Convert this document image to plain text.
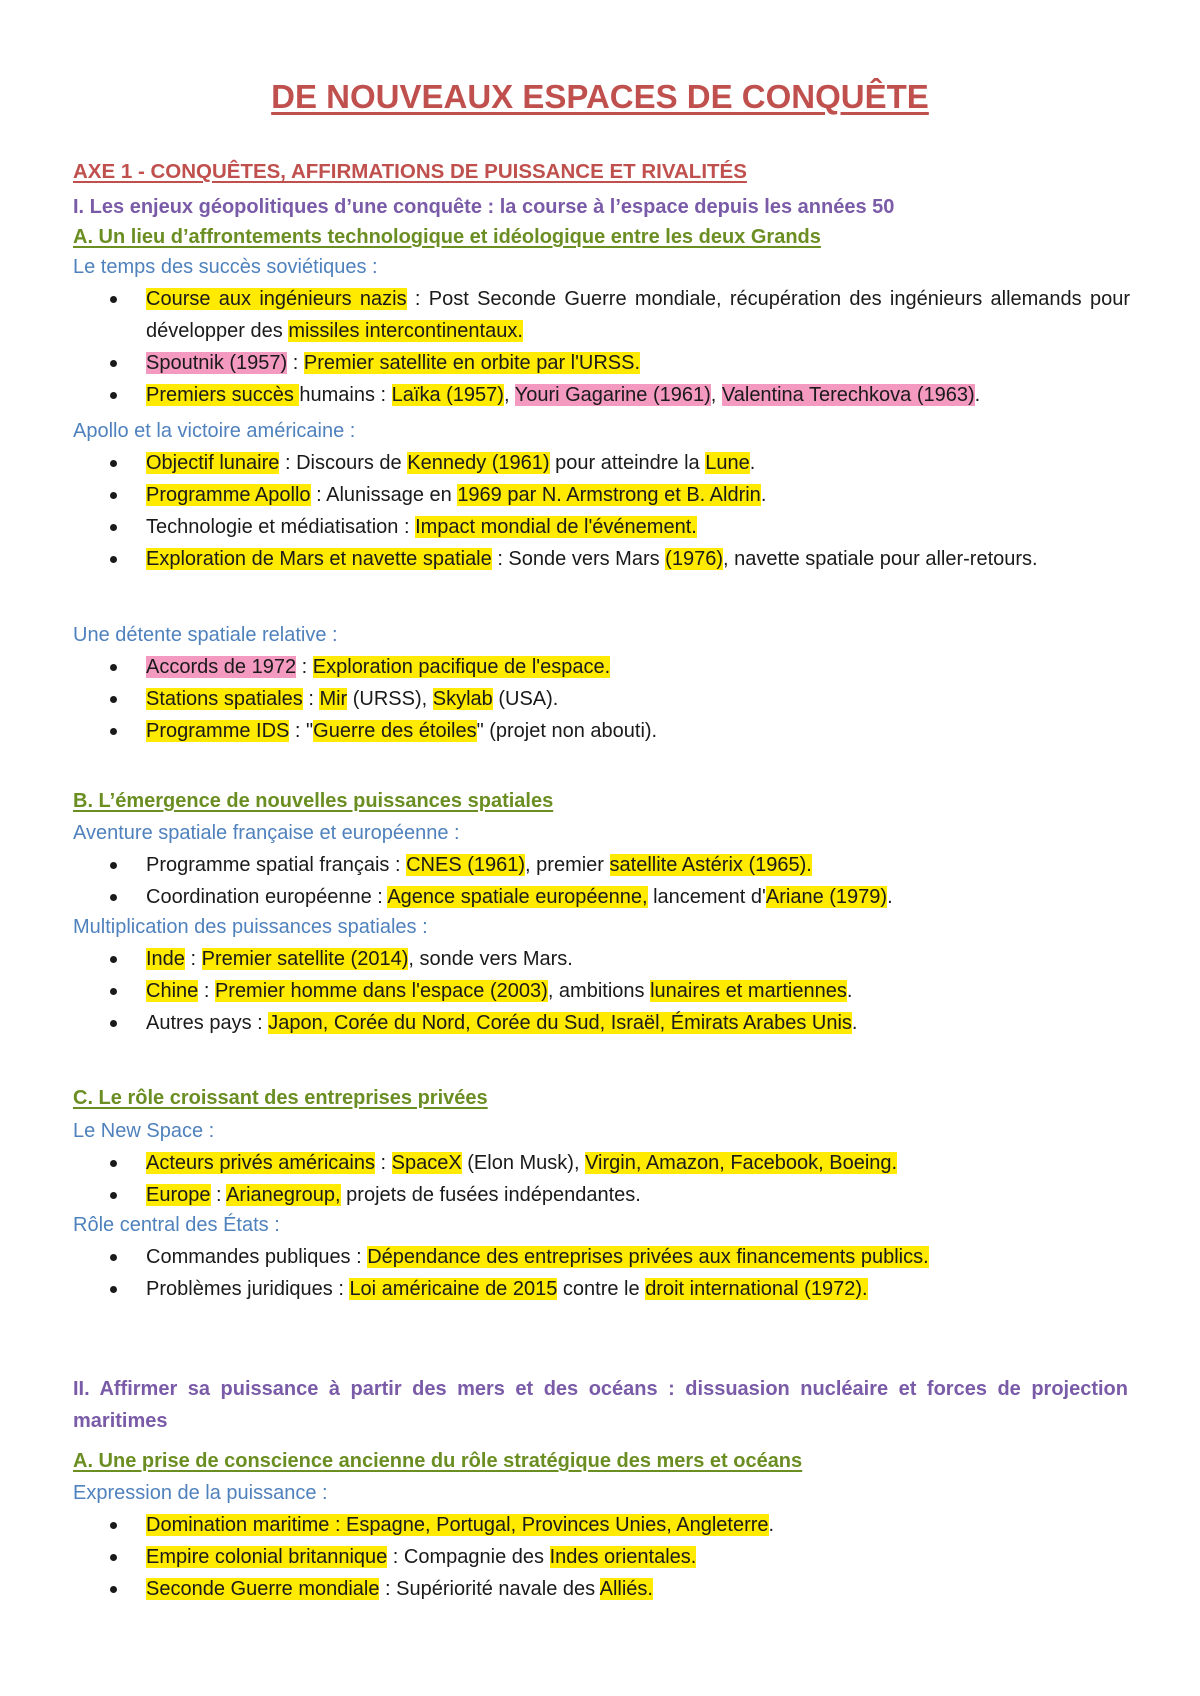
DE NOUVEAUX ESPACES DE CONQUÊTE
AXE 1 - CONQUÊTES, AFFIRMATIONS DE PUISSANCE ET RIVALITÉS
I. Les enjeux géopolitiques d’une conquête : la course à l’espace depuis les années 50
A. Un lieu d’affrontements technologique et idéologique entre les deux Grands

Le temps des succès soviétiques :

Course aux ingénieurs nazis : Post Seconde Guerre mondiale, récupération des ingénieurs allemands pour développer des missiles intercontinentaux.
Spoutnik (1957) : Premier satellite en orbite par l'URSS.
Premiers succès humains : Laïka (1957), Youri Gagarine (1961), Valentina Terechkova (1963).

Apollo et la victoire américaine :

Objectif lunaire : Discours de Kennedy (1961) pour atteindre la Lune.
Programme Apollo : Alunissage en 1969 par N. Armstrong et B. Aldrin.
Technologie et médiatisation : Impact mondial de l'événement.
Exploration de Mars et navette spatiale : Sonde vers Mars (1976), navette spatiale pour aller-retours.

Une détente spatiale relative :

Accords de 1972 : Exploration pacifique de l'espace.
Stations spatiales : Mir (URSS), Skylab (USA).
Programme IDS : "Guerre des étoiles" (projet non abouti).
B. L’émergence de nouvelles puissances spatiales

Aventure spatiale française et européenne :

Programme spatial français : CNES (1961), premier satellite Astérix (1965).
Coordination européenne : Agence spatiale européenne, lancement d'Ariane (1979).

Multiplication des puissances spatiales :

Inde : Premier satellite (2014), sonde vers Mars.
Chine : Premier homme dans l'espace (2003), ambitions lunaires et martiennes.
Autres pays : Japon, Corée du Nord, Corée du Sud, Israël, Émirats Arabes Unis.
C. Le rôle croissant des entreprises privées

Le New Space :

Acteurs privés américains : SpaceX (Elon Musk), Virgin, Amazon, Facebook, Boeing.
Europe : Arianegroup, projets de fusées indépendantes.

Rôle central des États :

Commandes publiques : Dépendance des entreprises privées aux financements publics.
Problèmes juridiques : Loi américaine de 2015 contre le droit international (1972).
II. Affirmer sa puissance à partir des mers et des océans : dissuasion nucléaire et forces de projection maritimes
A. Une prise de conscience ancienne du rôle stratégique des mers et océans

Expression de la puissance :

Domination maritime : Espagne, Portugal, Provinces Unies, Angleterre.
Empire colonial britannique : Compagnie des Indes orientales.
Seconde Guerre mondiale : Supériorité navale des Alliés.
